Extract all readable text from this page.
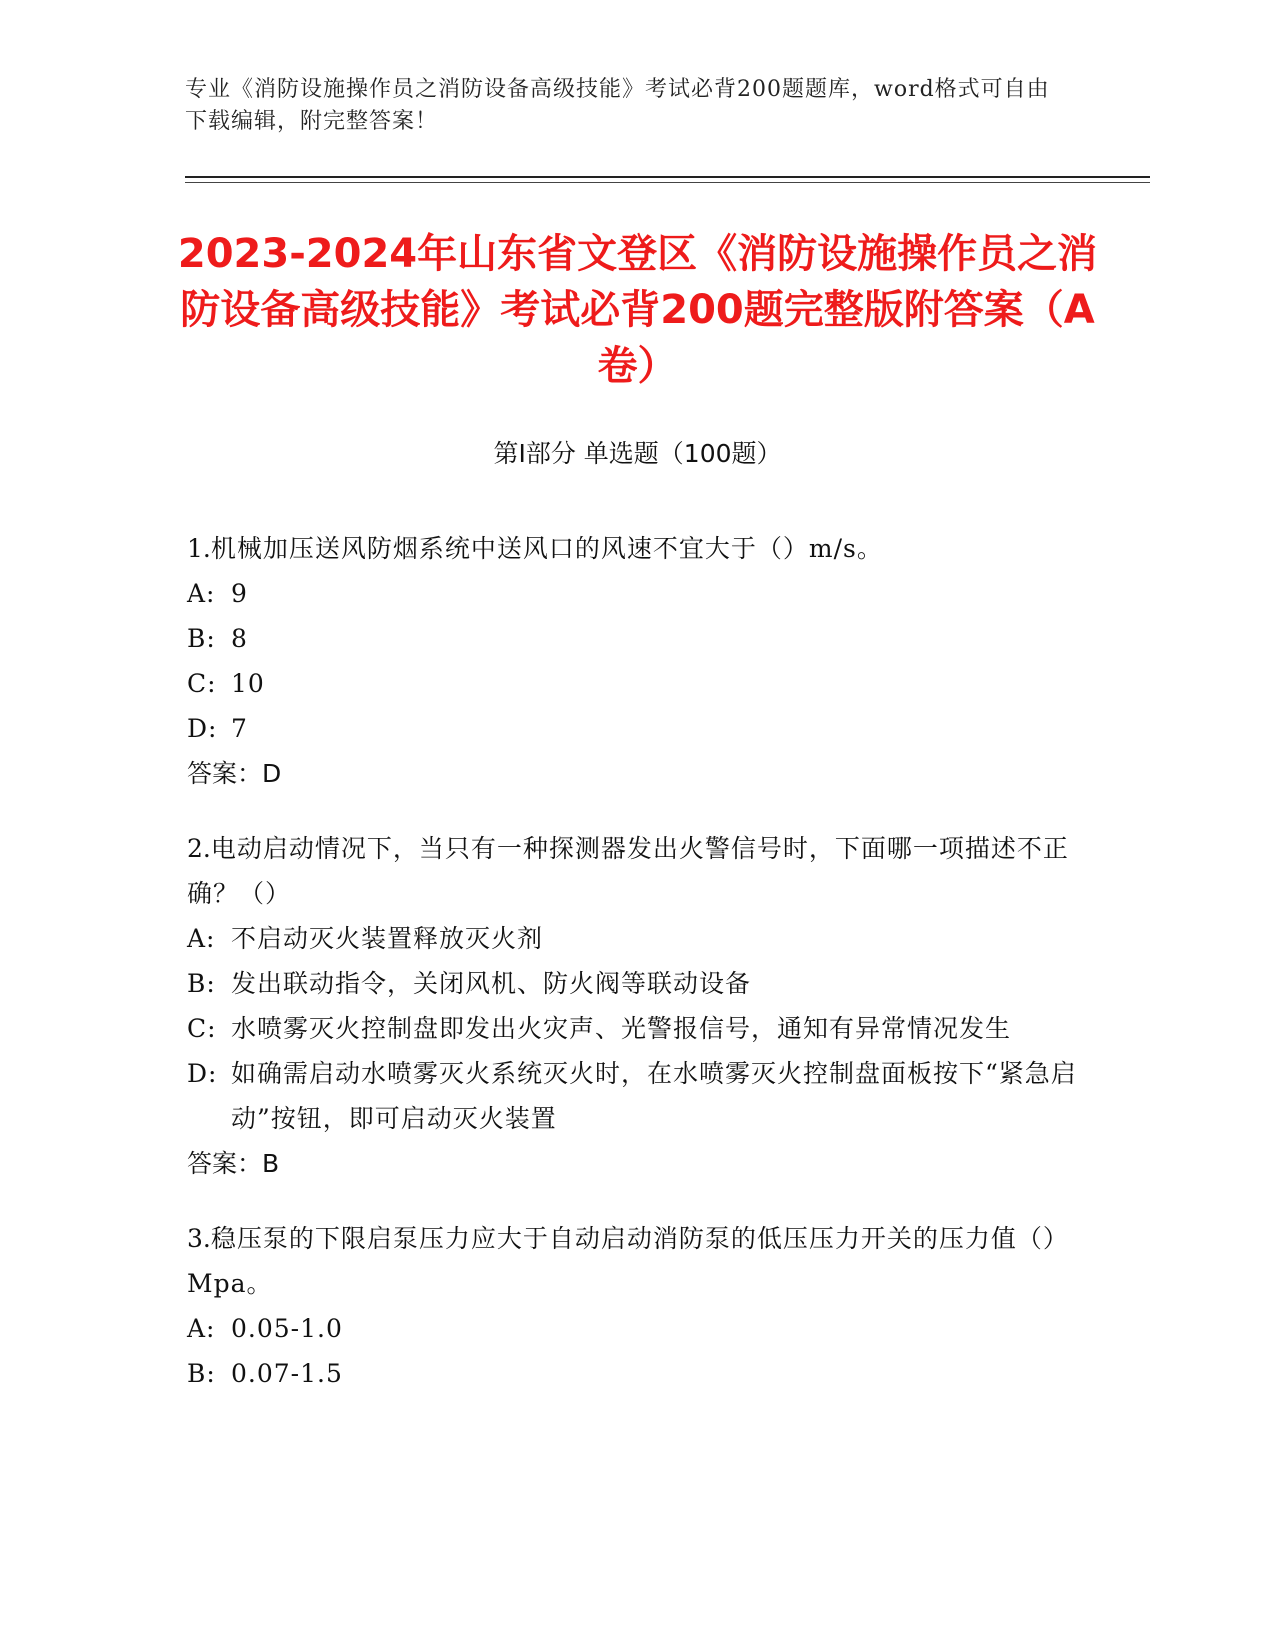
专业《消防设施操作员之消防设备高级技能》考试必背200题题库，word格式可自由下载编辑，附完整答案！
2023-2024年山东省文登区《消防设施操作员之消防设备高级技能》考试必背200题完整版附答案（A卷）
第I部分 单选题（100题）
1.机械加压送风防烟系统中送风口的风速不宜大于（）m/s。
A: 9
B: 8
C: 10
D: 7
答案：D
2.电动启动情况下，当只有一种探测器发出火警信号时，下面哪一项描述不正确？（）
A: 不启动灭火装置释放灭火剂
B: 发出联动指令，关闭风机、防火阀等联动设备
C: 水喷雾灭火控制盘即发出火灾声、光警报信号，通知有异常情况发生
D: 如确需启动水喷雾灭火系统灭火时，在水喷雾灭火控制盘面板按下“紧急启动”按钮，即可启动灭火装置
答案：B
3.稳压泵的下限启泵压力应大于自动启动消防泵的低压压力开关的压力值（）Mpa。
A: 0.05-1.0
B: 0.07-1.5
